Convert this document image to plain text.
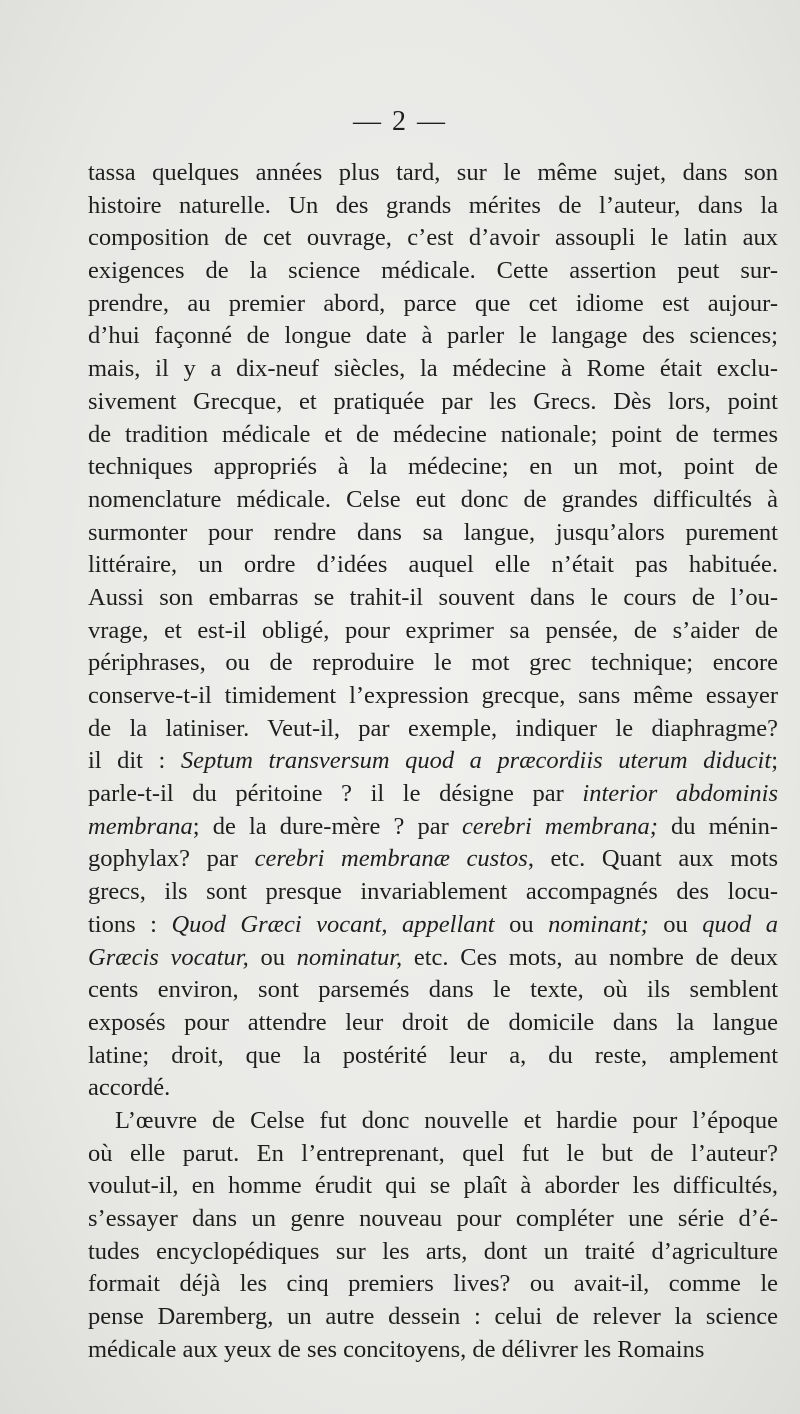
— 2 —
tassa quelques années plus tard, sur le même sujet, dans son
histoire naturelle. Un des grands mérites de l’auteur, dans la
composition de cet ouvrage, c’est d’avoir assoupli le latin aux
exigences de la science médicale. Cette assertion peut sur-
prendre, au premier abord, parce que cet idiome est aujour-
d’hui façonné de longue date à parler le langage des sciences;
mais, il y a dix-neuf siècles, la médecine à Rome était exclu-
sivement Grecque, et pratiquée par les Grecs. Dès lors, point
de tradition médicale et de médecine nationale; point de termes
techniques appropriés à la médecine; en un mot, point de
nomenclature médicale. Celse eut donc de grandes difficultés à
surmonter pour rendre dans sa langue, jusqu’alors purement
littéraire, un ordre d’idées auquel elle n’était pas habituée.
Aussi son embarras se trahit-il souvent dans le cours de l’ou-
vrage, et est-il obligé, pour exprimer sa pensée, de s’aider de
périphrases, ou de reproduire le mot grec technique; encore
conserve-t-il timidement l’expression grecque, sans même essayer
de la latiniser. Veut-il, par exemple, indiquer le diaphragme?
il dit : Septum transversum quod a præcordiis uterum diducit;
parle-t-il du péritoine ? il le désigne par interior abdominis
membrana; de la dure-mère ? par cerebri membrana; du ménin-
gophylax? par cerebri membranæ custos, etc. Quant aux mots
grecs, ils sont presque invariablement accompagnés des locu-
tions : Quod Græci vocant, appellant ou nominant; ou quod a
Græcis vocatur, ou nominatur, etc. Ces mots, au nombre de deux
cents environ, sont parsemés dans le texte, où ils semblent
exposés pour attendre leur droit de domicile dans la langue
latine; droit, que la postérité leur a, du reste, amplement
accordé.
L’œuvre de Celse fut donc nouvelle et hardie pour l’époque
où elle parut. En l’entreprenant, quel fut le but de l’auteur?
voulut-il, en homme érudit qui se plaît à aborder les difficultés,
s’essayer dans un genre nouveau pour compléter une série d’é-
tudes encyclopédiques sur les arts, dont un traité d’agriculture
formait déjà les cinq premiers lives? ou avait-il, comme le
pense Daremberg, un autre dessein : celui de relever la science
médicale aux yeux de ses concitoyens, de délivrer les Romains
